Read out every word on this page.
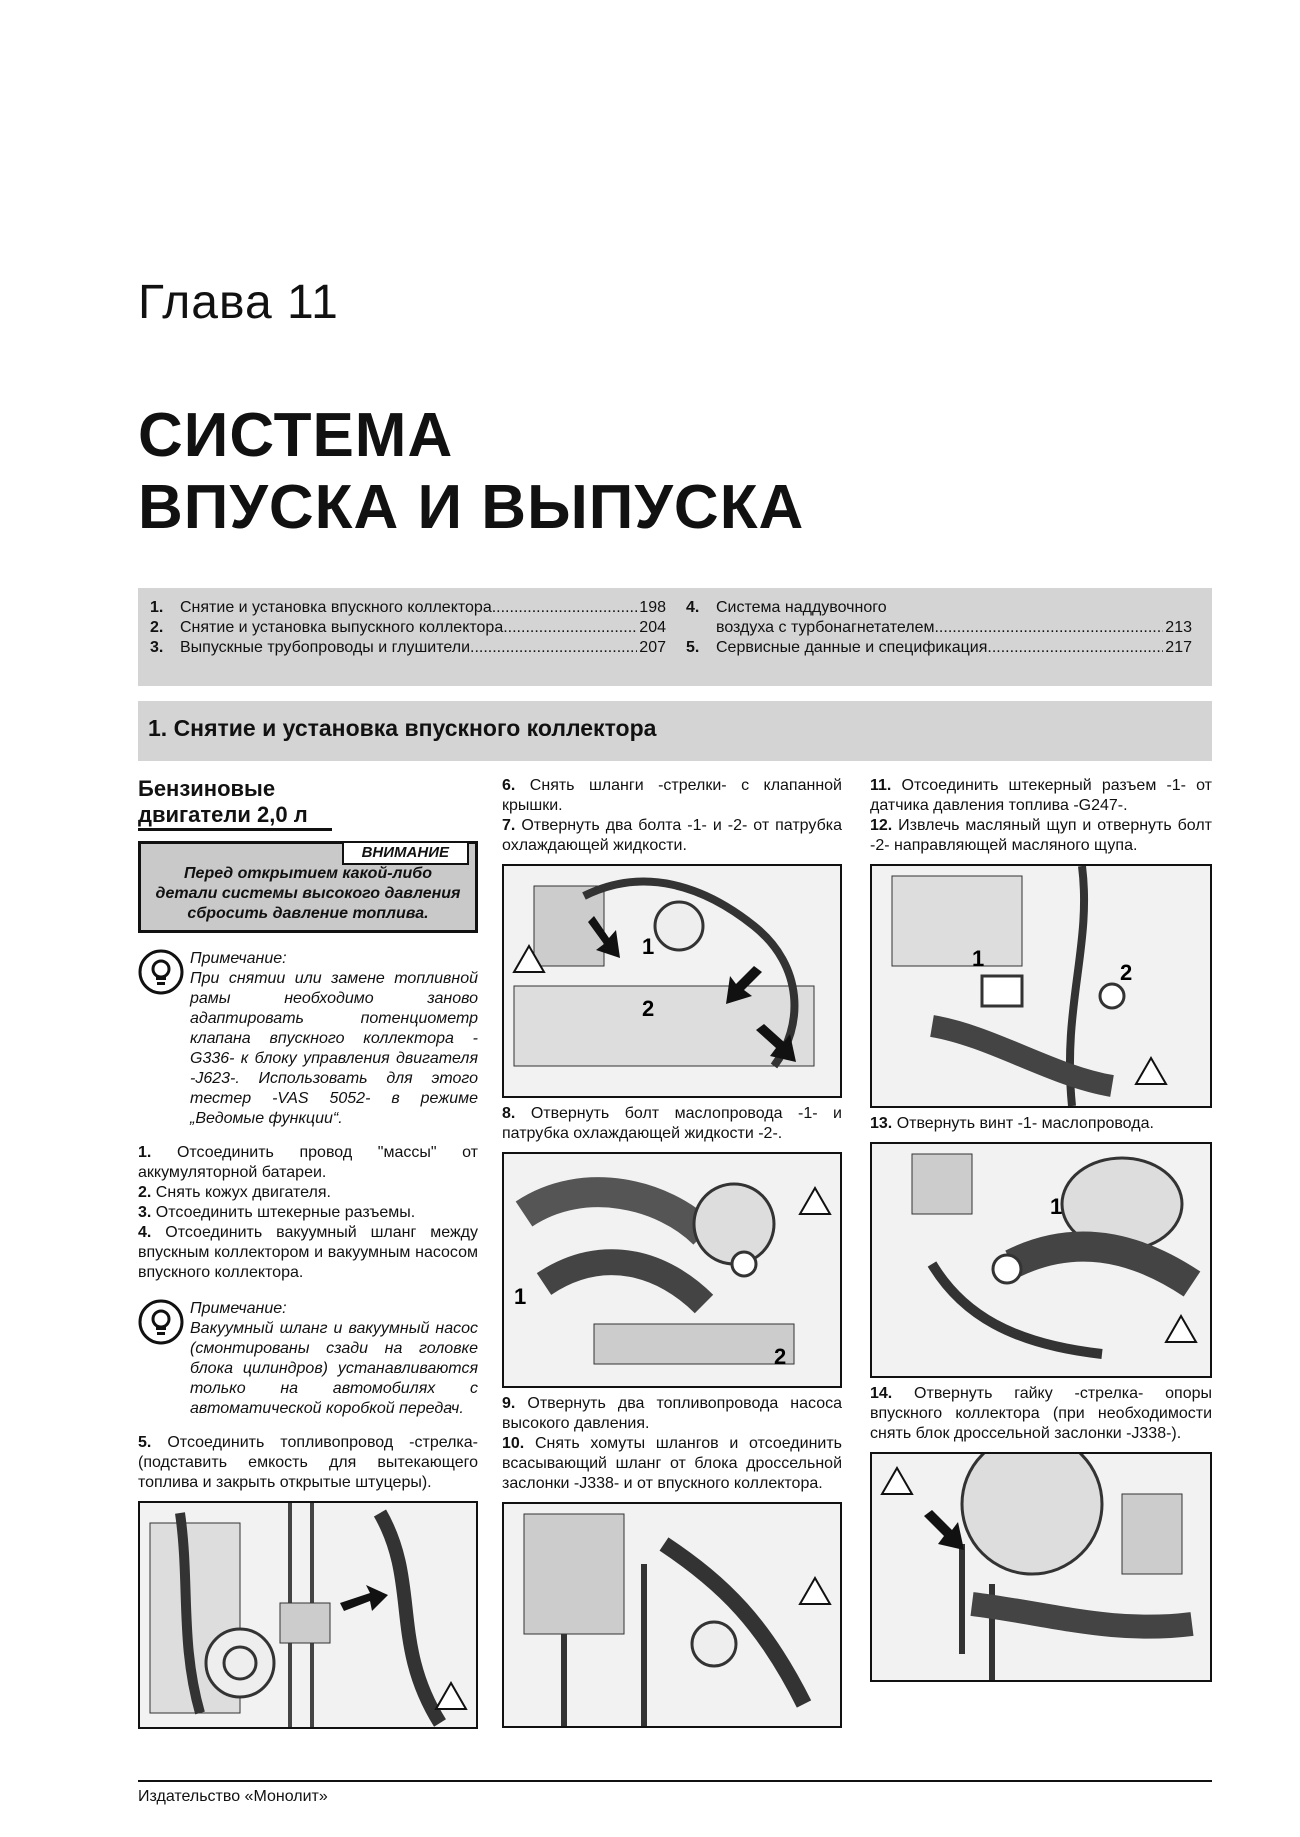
Глава 11
СИСТЕМА
ВПУСКА И ВЫПУСКА
1.	Снятие и установка впускного коллектора .....	198
2.	Снятие и установка выпускного коллектора .....	204
3.	Выпускные трубопроводы и глушители .....	207
4.	Система наддувочного
воздуха с турбонагнетателем .....	213
5.	Сервисные данные и спецификация .....	217
1. Снятие и установка впускного коллектора
Бензиновые
двигатели 2,0 л
ВНИМАНИЕ
Перед открытием какой-либо детали системы высокого давления сбросить давление топлива.
Примечание:
При снятии или замене топливной рамы необходимо заново адаптировать потенциометр клапана впускного коллектора -G336- к блоку управления двигателя -J623-. Использовать для этого тестер -VAS 5052- в режиме „Ведомые функции“.
1. Отсоединить провод "массы" от аккумуляторной батареи.
2. Снять кожух двигателя.
3. Отсоединить штекерные разъемы.
4. Отсоединить вакуумный шланг между впускным коллектором и вакуумным насосом впускного коллектора.
Примечание:
Вакуумный шланг и вакуумный насос (смонтированы сзади на головке блока цилиндров) устанавливаются только на автомобилях с автоматической коробкой передач.
5. Отсоединить топливопровод -стрелка- (подставить емкость для вытекающего топлива и закрыть открытые штуцеры).
6. Снять шланги -стрелки- с клапанной крышки.
7. Отвернуть два болта -1- и -2- от патрубка охлаждающей жидкости.
1
2
8. Отвернуть болт маслопровода -1- и патрубка охлаждающей жидкости -2-.
1
2
9. Отвернуть два топливопровода насоса высокого давления.
10. Снять хомуты шлангов и отсоединить всасывающий шланг от блока дроссельной заслонки -J338- и от впускного коллектора.
11. Отсоединить штекерный разъем -1- от датчика давления топлива -G247-.
12. Извлечь масляный щуп и отвернуть болт -2- направляющей масляного щупа.
1
2
13. Отвернуть винт -1- маслопровода.
1
14. Отвернуть гайку -стрелка- опоры впускного коллектора (при необходимости снять блок дроссельной заслонки -J338-).
Издательство «Монолит»
